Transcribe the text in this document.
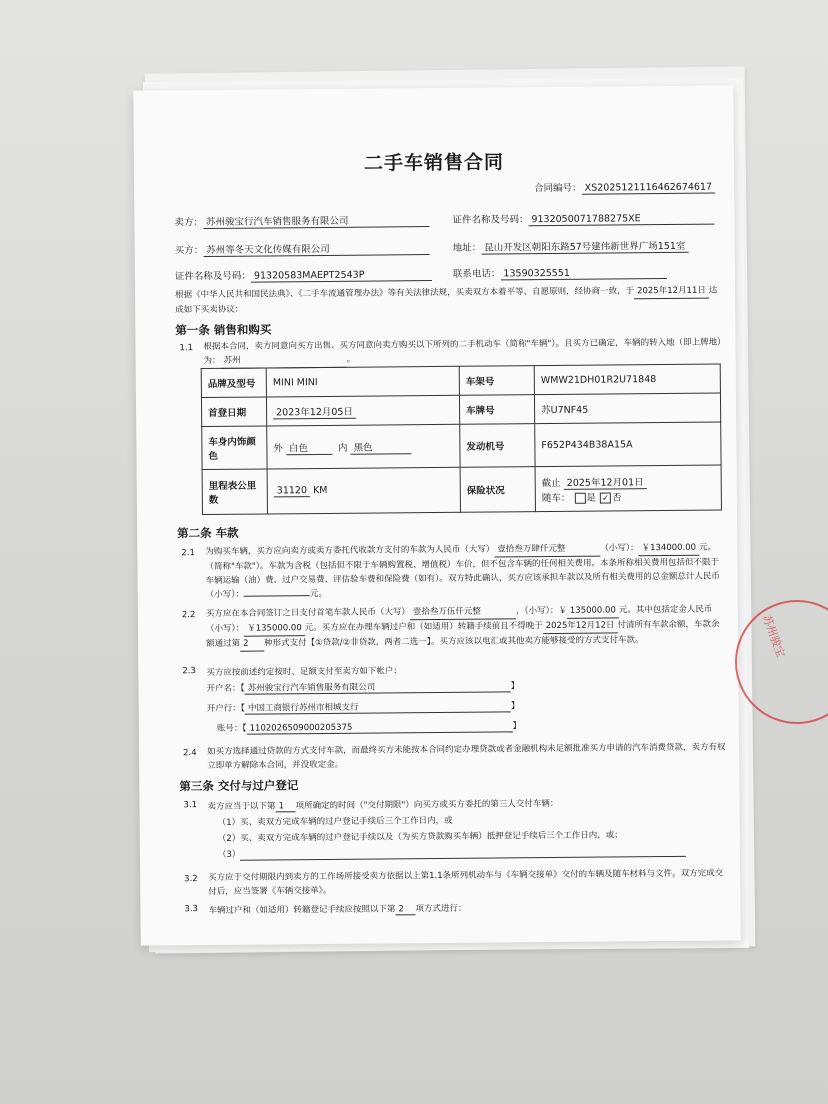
二手车销售合同
合同编号： XS2025121116462674617
卖方： 苏州骏宝行汽车销售服务有限公司	证件名称及号码： 9132050071788275XE
买方： 苏州等冬天文化传媒有限公司	地址： 昆山开发区朝阳东路57号建伟新世界广场151室
证件名称及号码： 91320583MAEPT2543P	联系电话： 13590325551
根据《中华人民共和国民法典》、《二手车流通管理办法》等有关法律法规，买卖双方本着平等、自愿原则，经协商一致，于 2025年12月11日 达成如下买卖协议：
第一条 销售和购买
1.1 根据本合同，卖方同意向买方出售、买方同意向卖方购买以下所列的二手机动车（简称"车辆"）。且买方已确定，车辆的转入地（即上牌地）为： 苏州	。
品牌及型号	MINI MINI	车架号	WMW21DH01R2U71848
首登日期	2023年12月05日	车牌号	苏U7NF45
车身内饰颜色	外 白色 内 黑色	发动机号	F652P434B38A15A
里程表公里数	31120 KM	保险状况	截止 2025年12月01日
随车： 是 ✓ 否
第二条 车款
2.1 为购买车辆，买方应向卖方或卖方委托代收款方支付的车款为人民币（大写） 壹拾叁万肆仟元整	（小写）： ￥134000.00 元。（简称"车款"）。车款为含税（包括但不限于车辆购置税、增值税）车价，但不包含车辆的任何相关费用。本条所称相关费用包括但不限于车辆运输（油）费、过户交易费、评估验车费和保险费（如有）。双方特此确认，买方应该承担车款以及所有相关费用的总金额总计人民币（小写）：	元。
2.2 买方应在本合同签订之日支付首笔车款人民币（大写） 壹拾叁万伍仟元整	，（小写）：￥ 135000.00 元。其中包括定金人民币（小写）： ￥135000.00 元。买方应在办理车辆过户和（如适用）转籍手续前且不得晚于 2025年12月12日 付清所有车款余额，车款余额通过第 2 种形式支付【①贷款/②非贷款，两者二选一】。买方应该以电汇或其他卖方能够接受的方式支付车款。
2.3 买方应按前述约定按时、足额支付至卖方如下帐户：
开户名：【 苏州骏宝行汽车销售服务有限公司	】
开户行：【 中国工商银行苏州市相城支行	】
账号：【 1102026509000205375	】
2.4 如买方选择通过贷款的方式支付车款，而最终买方未能按本合同约定办理贷款或者金融机构未足额批准买方申请的汽车消费贷款，卖方有权立即单方解除本合同，并没收定金。
第三条 交付与过户登记
3.1 卖方应当于以下第 1 项所确定的时间（"交付期限"）向买方或买方委托的第三人交付车辆：
（1）买、卖双方完成车辆的过户登记手续后三个工作日内，或
（2）买、卖双方完成车辆的过户登记手续以及（为买方贷款购买车辆）抵押登记手续后三个工作日内，或；
（3）
3.2 买方应于交付期限内到卖方的工作场所接受卖方依据以上第1.1条所列机动车与《车辆交接单》交付的车辆及随车材料与文件。双方完成交付后，应当签署《车辆交接单》。
3.3 车辆过户和（如适用）转籍登记手续应按照以下第 2 项方式进行：
苏州骏宝
